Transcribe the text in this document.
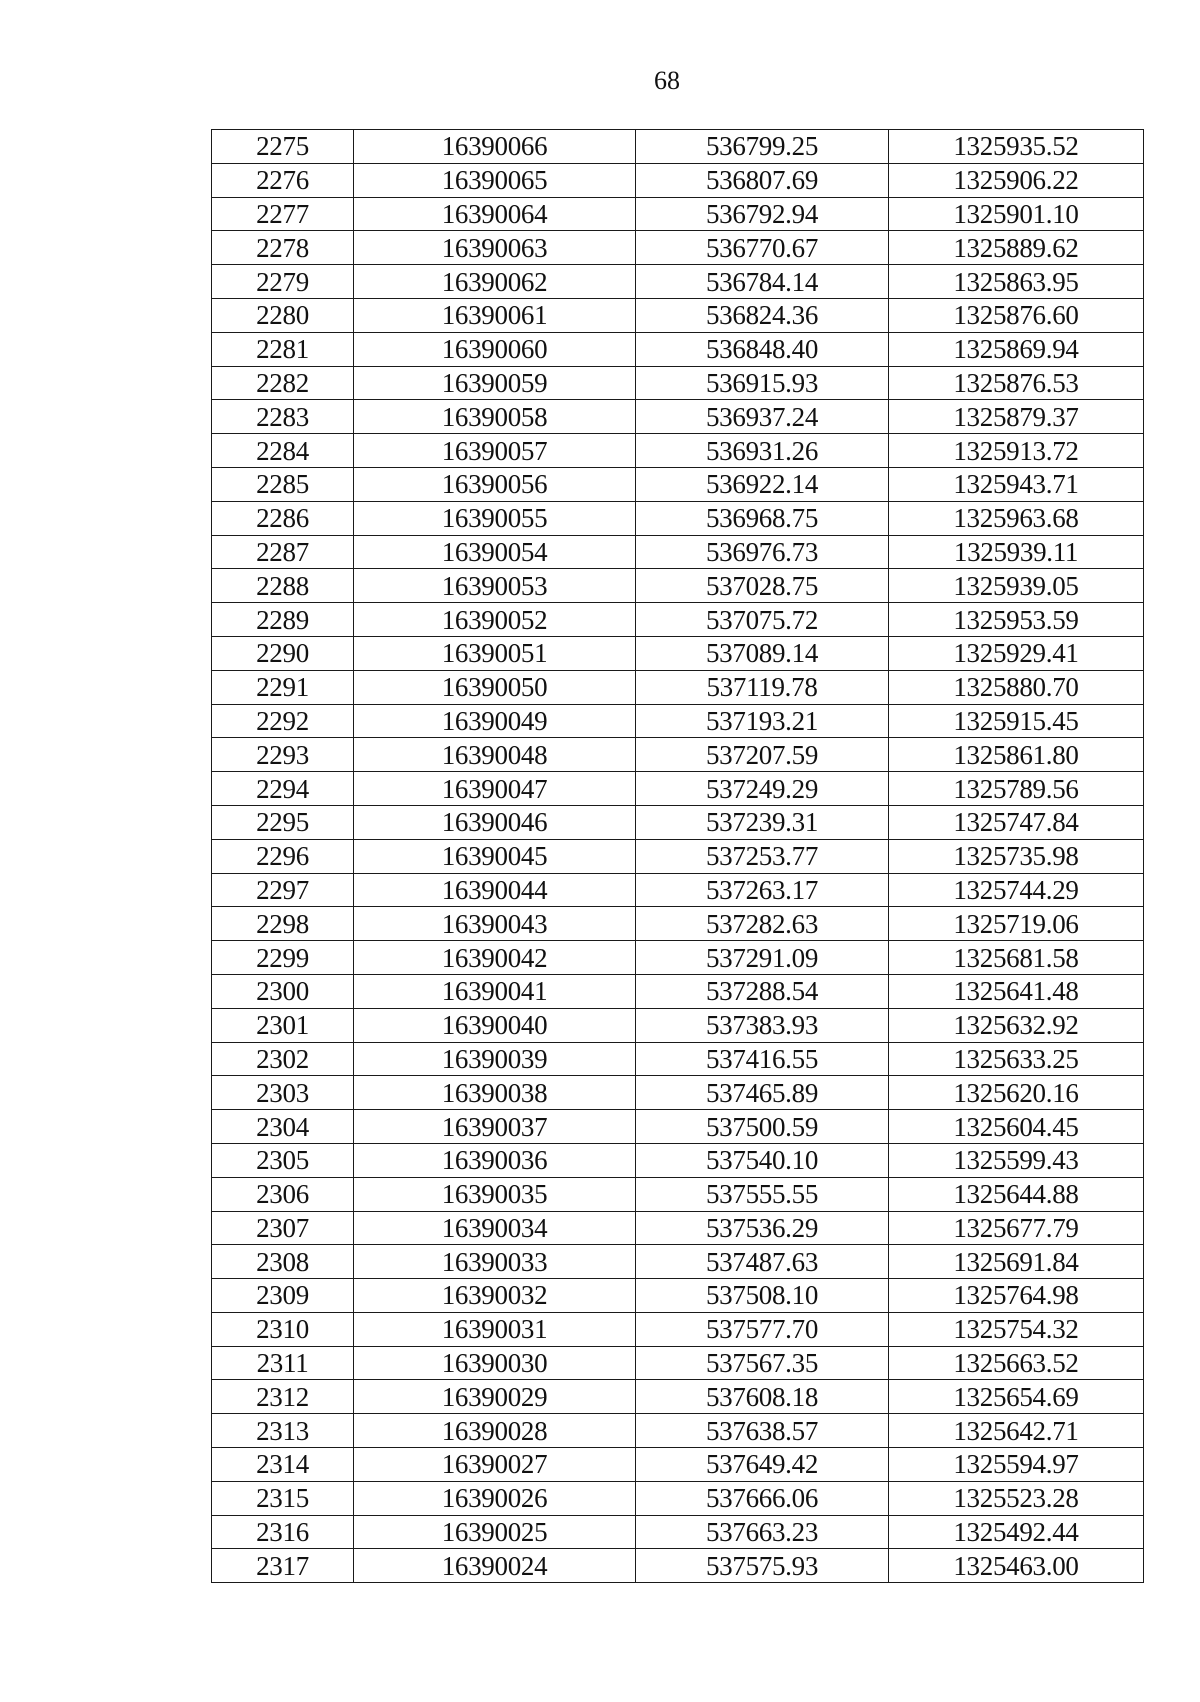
68
2275	16390066	536799.25	1325935.52
2276	16390065	536807.69	1325906.22
2277	16390064	536792.94	1325901.10
2278	16390063	536770.67	1325889.62
2279	16390062	536784.14	1325863.95
2280	16390061	536824.36	1325876.60
2281	16390060	536848.40	1325869.94
2282	16390059	536915.93	1325876.53
2283	16390058	536937.24	1325879.37
2284	16390057	536931.26	1325913.72
2285	16390056	536922.14	1325943.71
2286	16390055	536968.75	1325963.68
2287	16390054	536976.73	1325939.11
2288	16390053	537028.75	1325939.05
2289	16390052	537075.72	1325953.59
2290	16390051	537089.14	1325929.41
2291	16390050	537119.78	1325880.70
2292	16390049	537193.21	1325915.45
2293	16390048	537207.59	1325861.80
2294	16390047	537249.29	1325789.56
2295	16390046	537239.31	1325747.84
2296	16390045	537253.77	1325735.98
2297	16390044	537263.17	1325744.29
2298	16390043	537282.63	1325719.06
2299	16390042	537291.09	1325681.58
2300	16390041	537288.54	1325641.48
2301	16390040	537383.93	1325632.92
2302	16390039	537416.55	1325633.25
2303	16390038	537465.89	1325620.16
2304	16390037	537500.59	1325604.45
2305	16390036	537540.10	1325599.43
2306	16390035	537555.55	1325644.88
2307	16390034	537536.29	1325677.79
2308	16390033	537487.63	1325691.84
2309	16390032	537508.10	1325764.98
2310	16390031	537577.70	1325754.32
2311	16390030	537567.35	1325663.52
2312	16390029	537608.18	1325654.69
2313	16390028	537638.57	1325642.71
2314	16390027	537649.42	1325594.97
2315	16390026	537666.06	1325523.28
2316	16390025	537663.23	1325492.44
2317	16390024	537575.93	1325463.00
